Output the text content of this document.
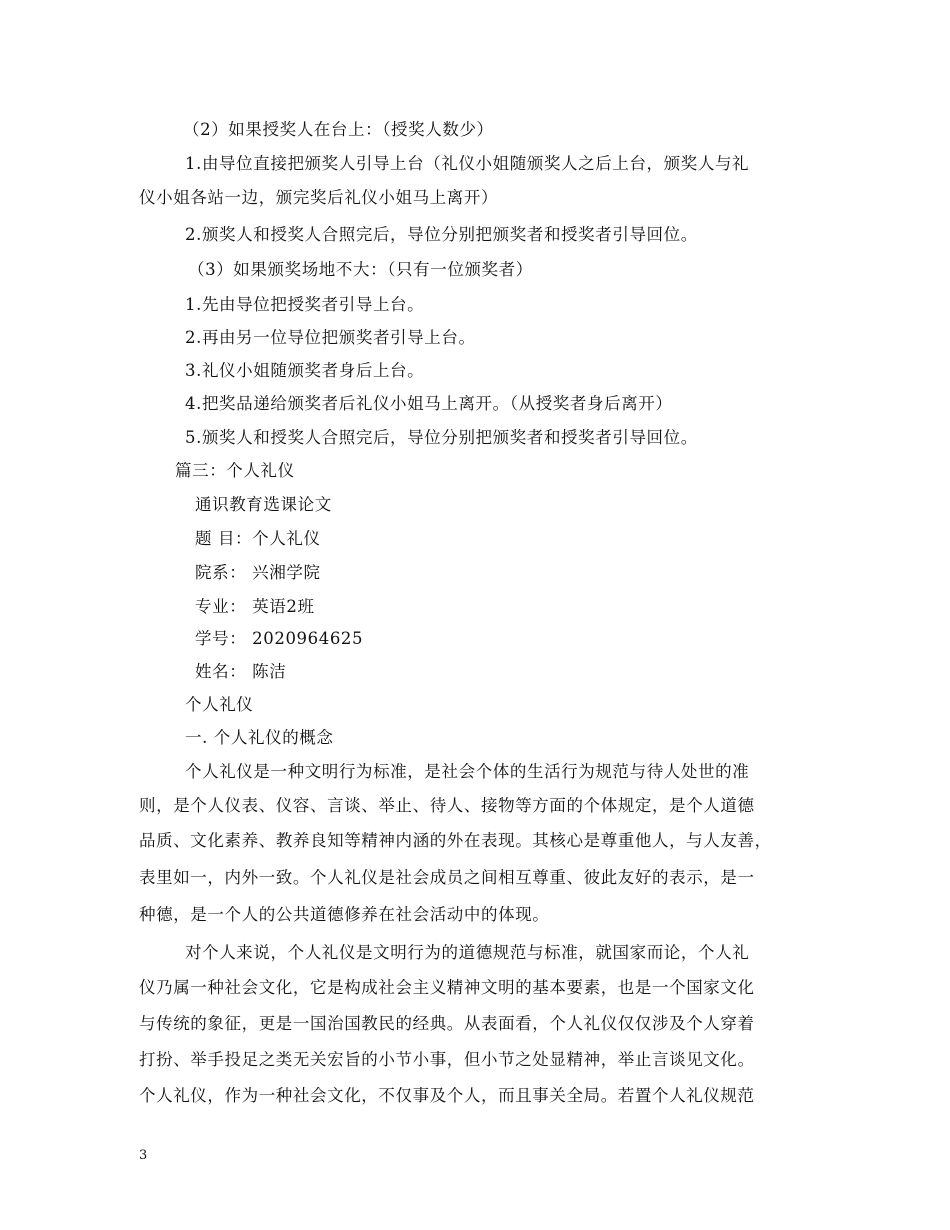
（2）如果授奖人在台上：（授奖人数少）
1.由导位直接把颁奖人引导上台（礼仪小姐随颁奖人之后上台，颁奖人与礼
仪小姐各站一边，颁完奖后礼仪小姐马上离开）
2.颁奖人和授奖人合照完后，导位分别把颁奖者和授奖者引导回位。
（3）如果颁奖场地不大：（只有一位颁奖者）
1.先由导位把授奖者引导上台。
2.再由另一位导位把颁奖者引导上台。
3.礼仪小姐随颁奖者身后上台。
4.把奖品递给颁奖者后礼仪小姐马上离开。（从授奖者身后离开）
5.颁奖人和授奖人合照完后，导位分别把颁奖者和授奖者引导回位。
篇三：个人礼仪
通识教育选课论文
题 目：个人礼仪
院系： 兴湘学院
专业： 英语2班
学号： 2020964625
姓名： 陈洁
个人礼仪
一. 个人礼仪的概念
个人礼仪是一种文明行为标准，是社会个体的生活行为规范与待人处世的准
则，是个人仪表、仪容、言谈、举止、待人、接物等方面的个体规定，是个人道德
品质、文化素养、教养良知等精神内涵的外在表现。其核心是尊重他人，与人友善，
表里如一，内外一致。个人礼仪是社会成员之间相互尊重、彼此友好的表示，是一
种德，是一个人的公共道德修养在社会活动中的体现。
对个人来说，个人礼仪是文明行为的道德规范与标准，就国家而论，个人礼
仪乃属一种社会文化，它是构成社会主义精神文明的基本要素，也是一个国家文化
与传统的象征，更是一国治国教民的经典。从表面看，个人礼仪仅仅涉及个人穿着
打扮、举手投足之类无关宏旨的小节小事，但小节之处显精神，举止言谈见文化。
个人礼仪，作为一种社会文化，不仅事及个人，而且事关全局。若置个人礼仪规范
3
